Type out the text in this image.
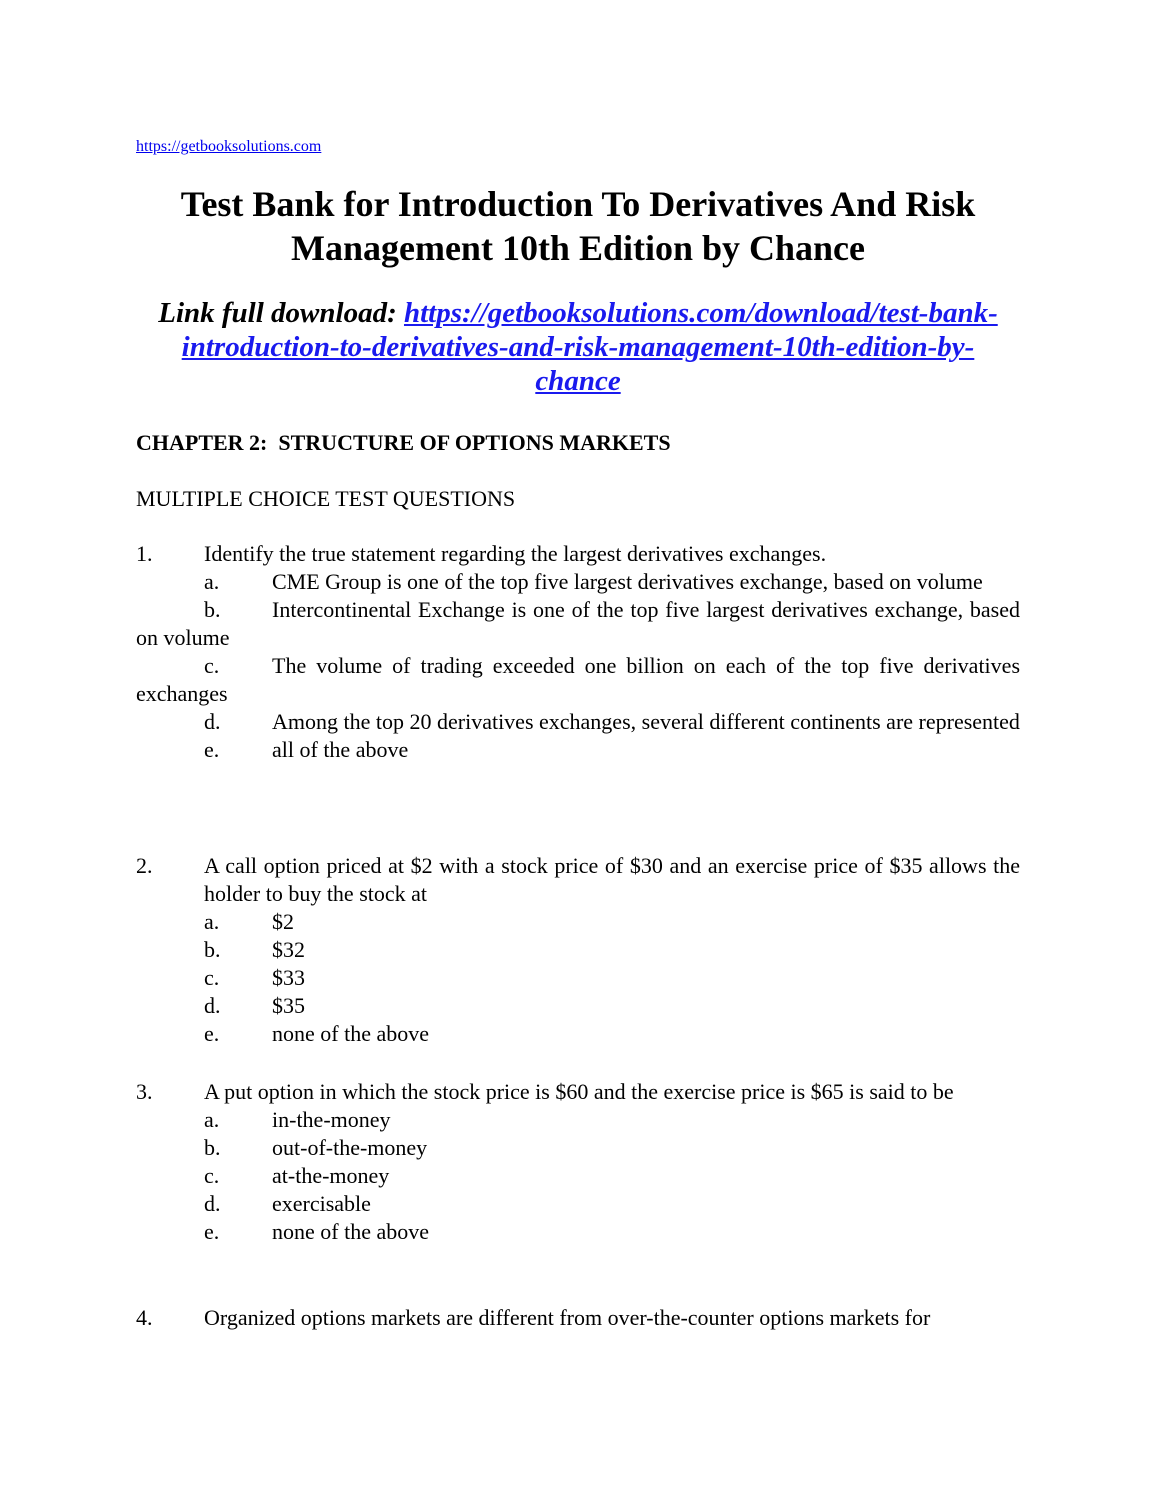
https://getbooksolutions.com
Test Bank for Introduction To Derivatives And Risk
Management 10th Edition by Chance

Link full download: https://getbooksolutions.com/download/test-bank-
introduction-to-derivatives-and-risk-management-10th-edition-by-
chance

CHAPTER 2:  STRUCTURE OF OPTIONS MARKETS
MULTIPLE CHOICE TEST QUESTIONS
1.	Identify the true statement regarding the largest derivatives exchanges.
a. CME Group is one of the top five largest derivatives exchange, based on volume
b. Intercontinental Exchange is one of the top five largest derivatives exchange, based on volume
c. The volume of trading exceeded one billion on each of the top five derivatives exchanges
d. Among the top 20 derivatives exchanges, several different continents are represented
e.	all of the above
2.	A call option priced at $2 with a stock price of $30 and an exercise price of $35 allows the holder to buy the stock at
a.	$2
b.	$32
c.	$33
d.	$35
e.	none of the above
3.	A put option in which the stock price is $60 and the exercise price is $65 is said to be
a.	in-the-money
b.	out-of-the-money
c.	at-the-money
d.	exercisable
e.	none of the above
4.	Organized options markets are different from over-the-counter options markets for
